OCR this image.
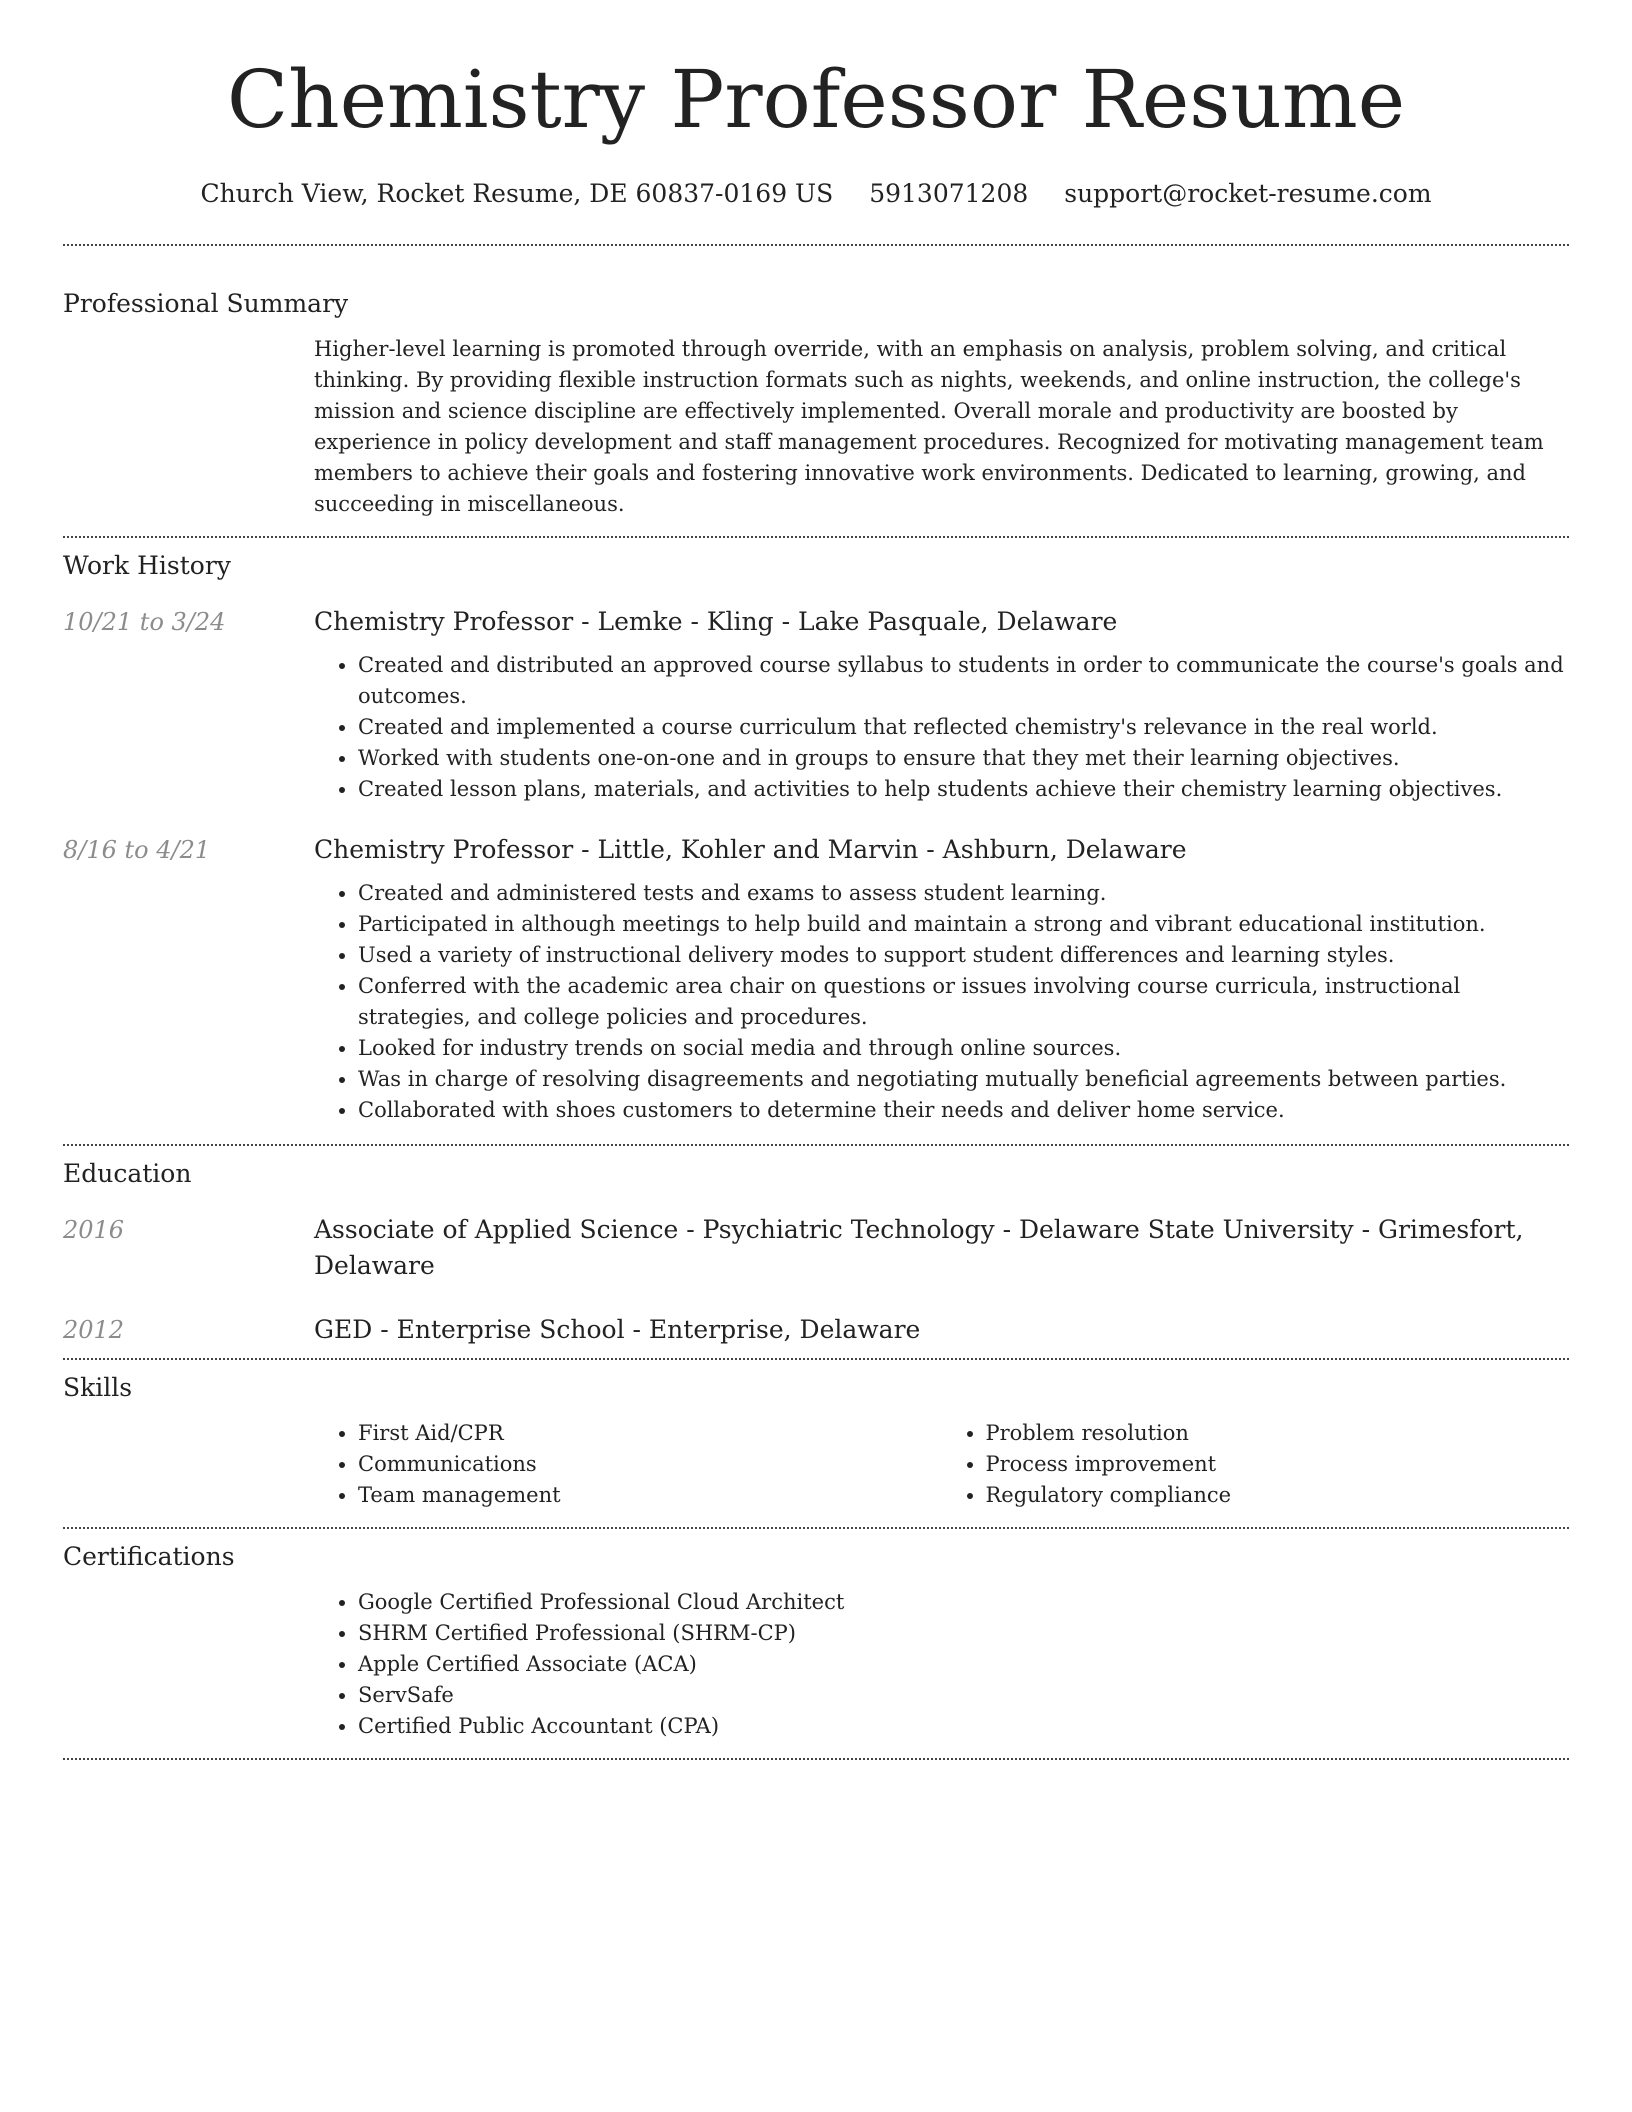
Chemistry Professor Resume
Church View, Rocket Resume, DE 60837-0169 US 5913071208 support@rocket-resume.com
Professional Summary

Higher-level learning is promoted through override, with an emphasis on analysis, problem solving, and critical thinking. By providing flexible instruction formats such as nights, weekends, and online instruction, the college's mission and science discipline are effectively implemented. Overall morale and productivity are boosted by experience in policy development and staff management procedures. Recognized for motivating management team members to achieve their goals and fostering innovative work environments. Dedicated to learning, growing, and succeeding in miscellaneous.

Work History
10/21 to 3/24	Chemistry Professor - Lemke - Kling - Lake Pasquale, Delaware
• Created and distributed an approved course syllabus to students in order to communicate the course's goals and outcomes.
• Created and implemented a course curriculum that reflected chemistry's relevance in the real world.
• Worked with students one-on-one and in groups to ensure that they met their learning objectives.
• Created lesson plans, materials, and activities to help students achieve their chemistry learning objectives.
8/16 to 4/21	Chemistry Professor - Little, Kohler and Marvin - Ashburn, Delaware
• Created and administered tests and exams to assess student learning.
• Participated in although meetings to help build and maintain a strong and vibrant educational institution.
• Used a variety of instructional delivery modes to support student differences and learning styles.
• Conferred with the academic area chair on questions or issues involving course curricula, instructional strategies, and college policies and procedures.
• Looked for industry trends on social media and through online sources.
• Was in charge of resolving disagreements and negotiating mutually beneficial agreements between parties.
• Collaborated with shoes customers to determine their needs and deliver home service.
Education
2016	Associate of Applied Science - Psychiatric Technology - Delaware State University - Grimesfort, Delaware
2012	GED - Enterprise School - Enterprise, Delaware
Skills
• First Aid/CPR
• Communications
• Team management
• Problem resolution
• Process improvement
• Regulatory compliance
Certifications
• Google Certified Professional Cloud Architect
• SHRM Certified Professional (SHRM-CP)
• Apple Certified Associate (ACA)
• ServSafe
• Certified Public Accountant (CPA)
